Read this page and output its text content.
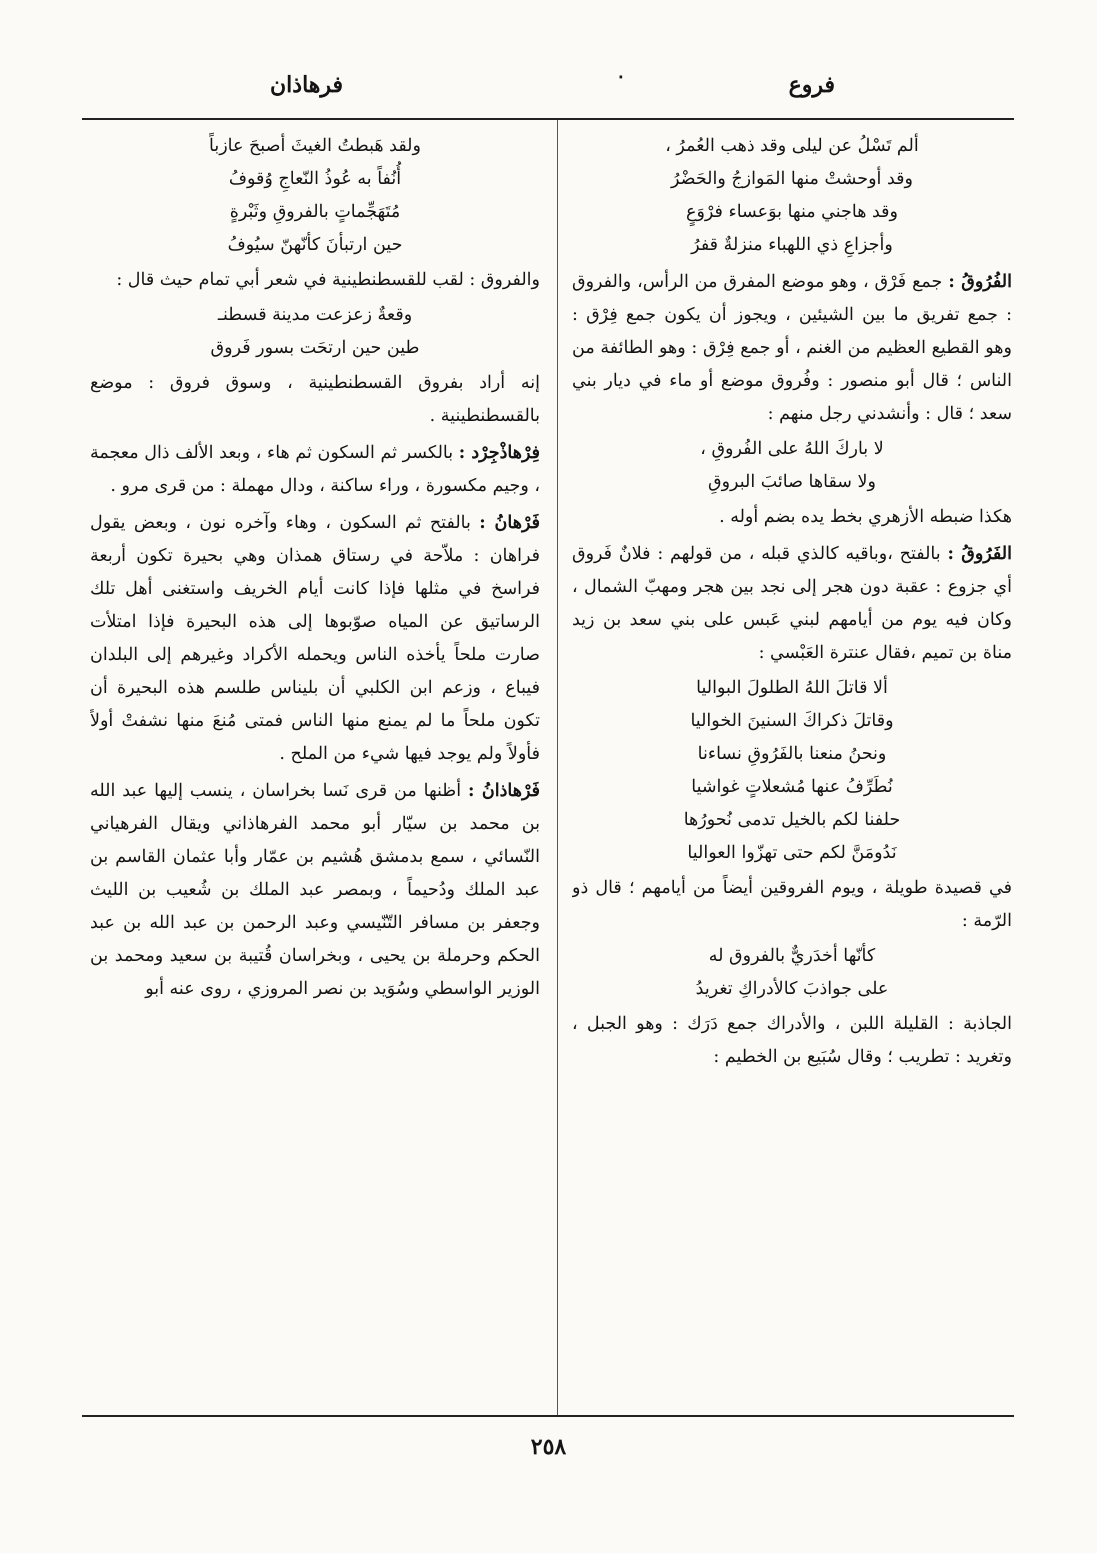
فروع
٠
فرهاذان

ألم تَسْلُ عن ليلى وقد ذهب العُمرُ ،

وقد أوحشتْ منها المَوازجُ والحَضْرُ

وقد هاجني منها بوَعساء فرْوَعٍ

وأجزاعِ ذي اللهباء منزلةٌ قفرُ

الفُرُوقُ : جمع فَرْق ، وهو موضع المفرق من الرأس، والفروق : جمع تفريق ما بين الشيئين ، ويجوز أن يكون جمع فِرْق : وهو القطيع العظيم من الغنم ، أو جمع فِرْق : وهو الطائفة من الناس ؛ قال أبو منصور : وفُروق موضع أو ماء في ديار بني سعد ؛ قال : وأنشدني رجل منهم :

لا باركَ اللهُ على الفُروقِ ،

ولا سقاها صائبَ البروقِ

هكذا ضبطه الأزهري بخط يده بضم أوله .
الفَرُوقُ : بالفتح ،وباقيه كالذي قبله ، من قولهم : فلانٌ فَروق أي جزوع : عقبة دون هجر إلى نجد بين هجر ومهبّ الشمال ، وكان فيه يوم من أيامهم لبني عَبس على بني سعد بن زيد مناة بن تميم ،فقال عنترة العَبْسي :

ألا قاتلَ اللهُ الطلولَ البواليا

وقاتلَ ذكراكَ السنينَ الخواليا

ونحنُ منعنا بالفَرُوقِ نساءنا

نُطَرِّفُ عنها مُشعلاتٍ غواشيا

حلفنا لكم بالخيل تدمى نُحورُها

نَدُومَنَّ لكم حتى تهزّوا العواليا

في قصيدة طويلة ، ويوم الفروقين أيضاً من أيامهم ؛ قال ذو الرّمة :

كأنّها أخدَريٌّ بالفروق له

على جواذبَ كالأدراكِ تغريدُ

الجاذبة : القليلة اللبن ، والأدراك جمع دَرَك : وهو الجبل ، وتغريد : تطريب ؛ وقال سُبَيع بن الخطيم :

ولقد هَبطتُ الغيثَ أصبحَ عازباً

أُنُفاً به عُوذُ النّعاجِ وُقوفُ

مُتَهَجِّماتٍ بالفروقِ وثَبْرةٍ

حين ارتبأنَ كأنّهنّ سيُوفُ

والفروق : لقب للقسطنطينية في شعر أبي تمام حيث قال :

وقعةٌ زعزعت مدينة قسطنـ

طين حين ارتحَت بسور فَروق

إنه أراد بفروق القسطنطينية ، وسوق فروق : موضع بالقسطنطينية .
فِرْهاذْجِرْد : بالكسر ثم السكون ثم هاء ، وبعد الألف ذال معجمة ، وجيم مكسورة ، وراء ساكنة ، ودال مهملة : من قرى مرو .
فَرْهانُ : بالفتح ثم السكون ، وهاء وآخره نون ، وبعض يقول فراهان : ملاّحة في رستاق همذان وهي بحيرة تكون أربعة فراسخ في مثلها فإذا كانت أيام الخريف واستغنى أهل تلك الرساتيق عن المياه صوّبوها إلى هذه البحيرة فإذا امتلأت صارت ملحاً يأخذه الناس ويحمله الأكراد وغيرهم إلى البلدان فيباع ، وزعم ابن الكلبي أن بليناس طلسم هذه البحيرة أن تكون ملحاً ما لم يمنع منها الناس فمتى مُنعَ منها نشفتْ أولاً فأولاً ولم يوجد فيها شيء من الملح .
فَرْهاذانُ : أظنها من قرى نَسا بخراسان ، ينسب إليها عبد الله بن محمد بن سيّار أبو محمد الفرهاذاني ويقال الفرهياني النّسائي ، سمع بدمشق هُشيم بن عمّار وأبا عثمان القاسم بن عبد الملك ودُحيماً ، وبمصر عبد الملك بن شُعيب بن الليث وجعفر بن مسافر التّنّيسي وعبد الرحمن بن عبد الله بن عبد الحكم وحرملة بن يحيى ، وبخراسان قُتيبة بن سعيد ومحمد بن الوزير الواسطي وسُوَيد بن نصر المروزي ، روى عنه أبو
٢٥٨
